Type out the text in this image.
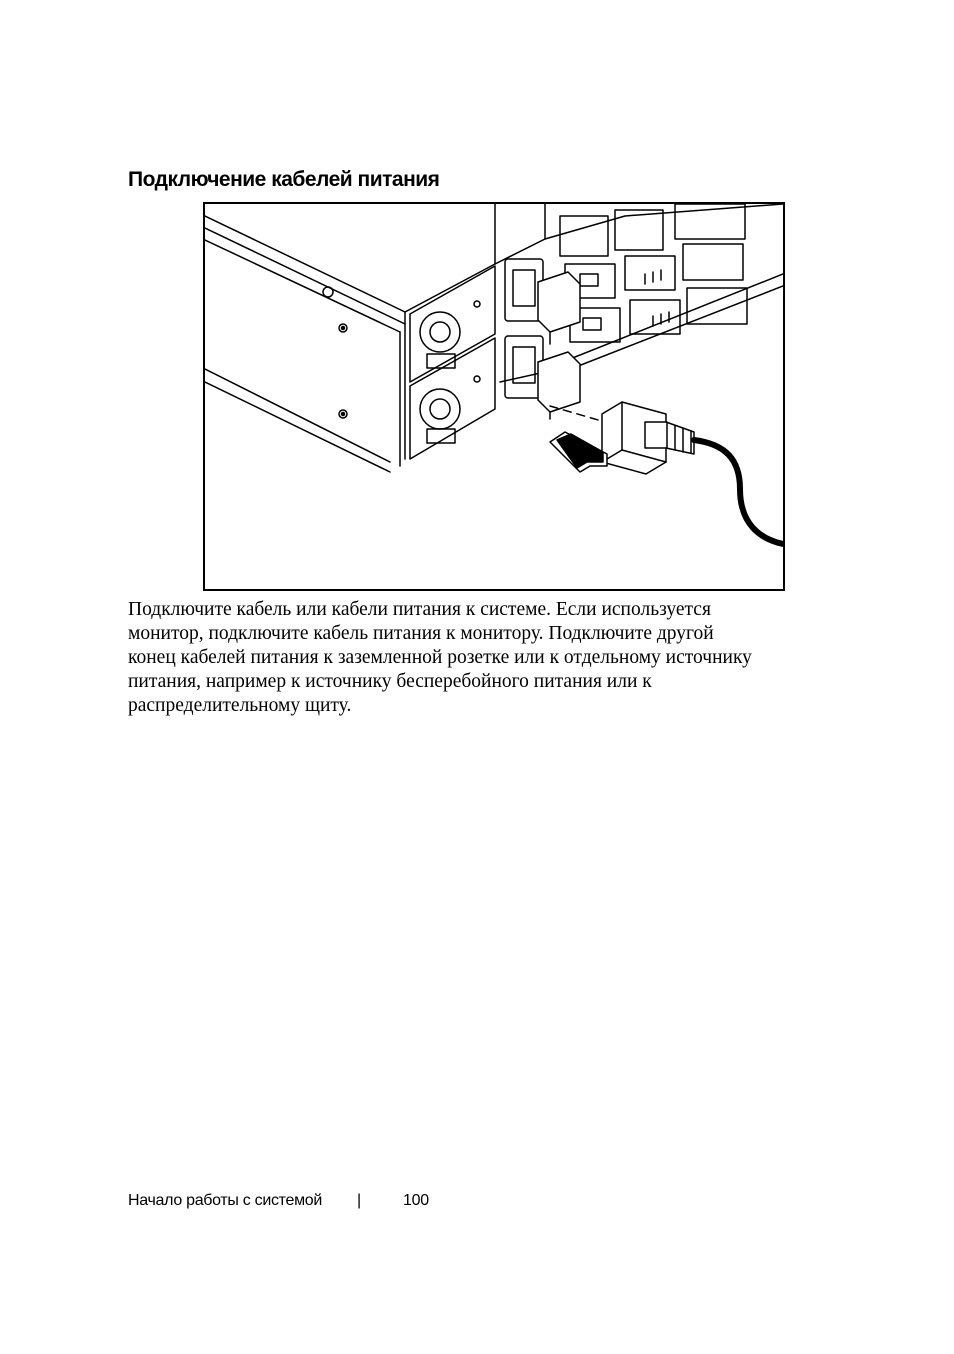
Подключение кабелей питания

Подключите кабель или кабели питания к системе. Если используется
монитор, подключите кабель питания к монитору. Подключите другой
конец кабелей питания к заземленной розетке или к отдельному источнику
питания, например к источнику бесперебойного питания или к
распределительному щиту.

Начало работы с системой |	100
